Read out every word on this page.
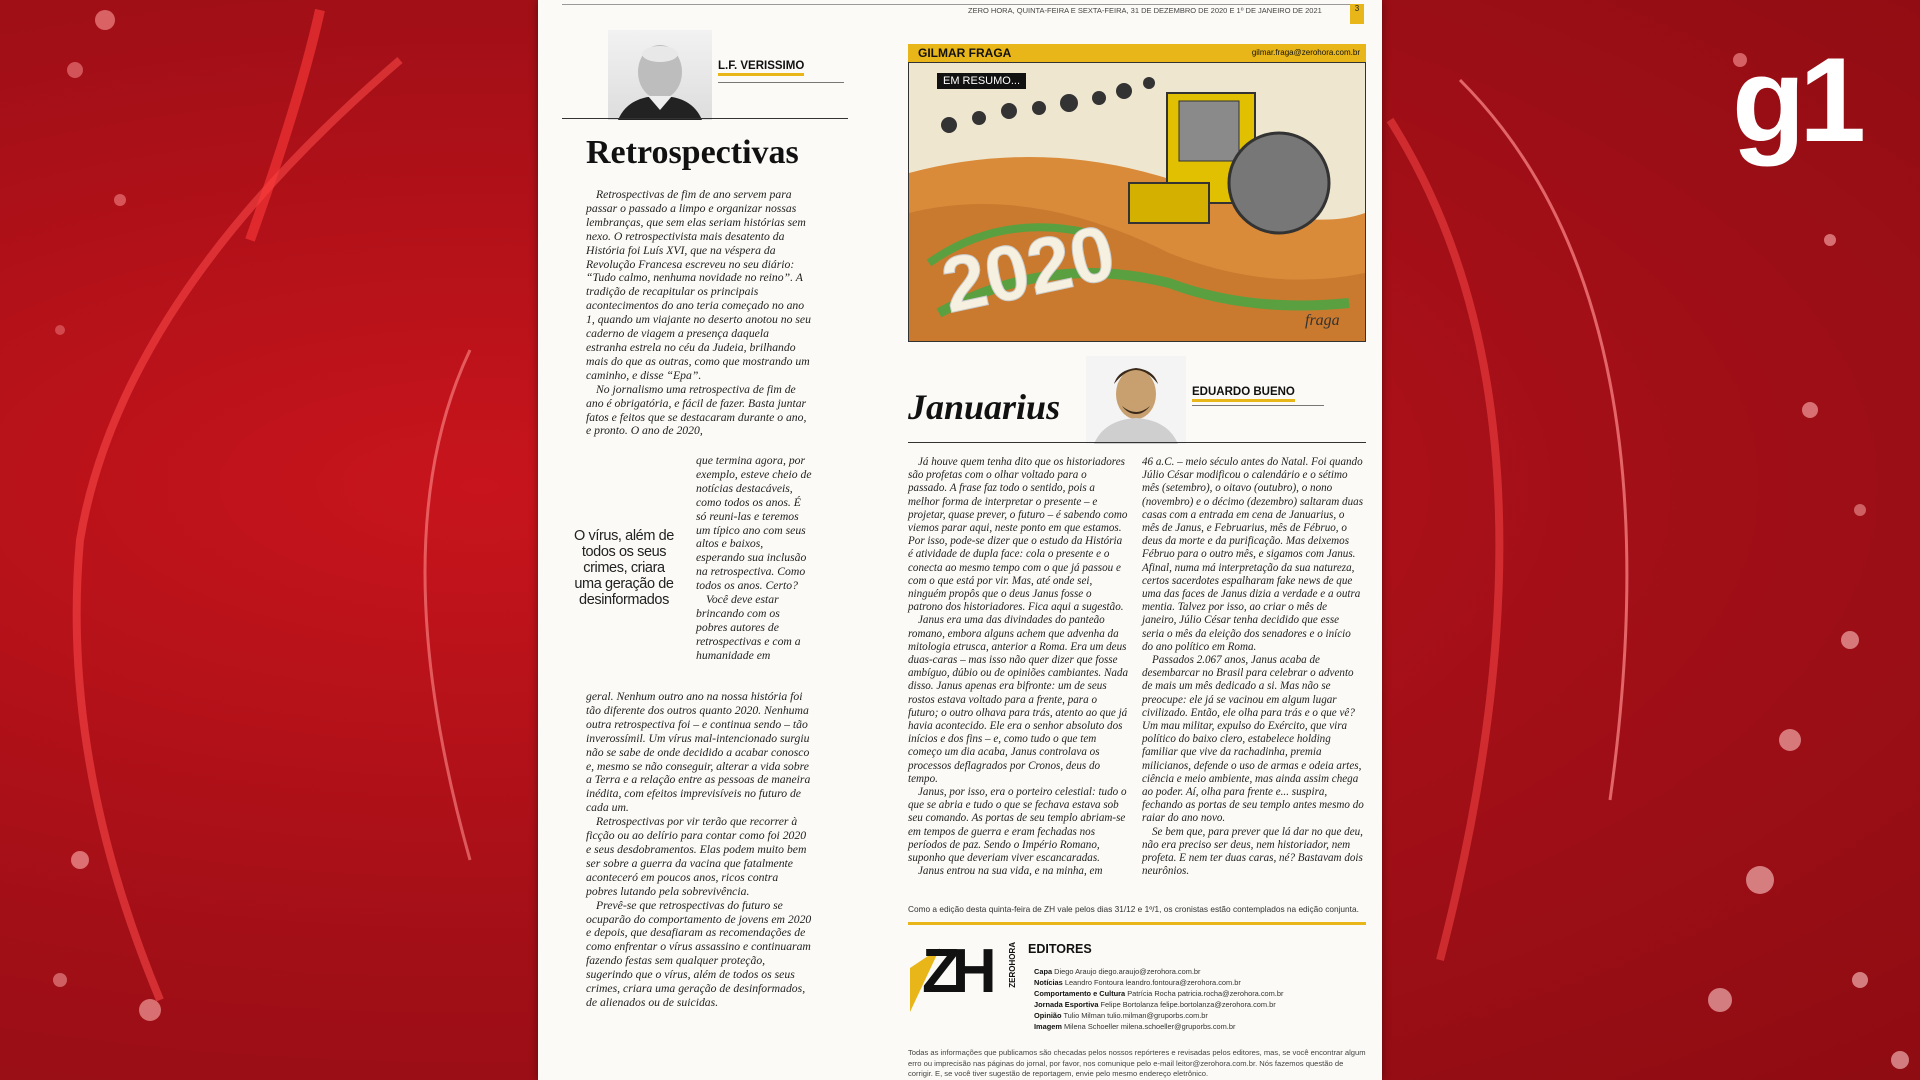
g1
ZERO HORA, QUINTA-FEIRA E SEXTA-FEIRA, 31 DE DEZEMBRO DE 2020 E 1º DE JANEIRO DE 2021	3
L.F. VERISSIMO
Retrospectivas

Retrospectivas de fim de ano servem para passar o passado a limpo e organizar nossas lembranças, que sem elas seriam histórias sem nexo. O retrospectivista mais desatento da História foi Luís XVI, que na véspera da Revolução Francesa escreveu no seu diário: “Tudo calmo, nenhuma novidade no reino”. A tradição de recapitular os principais acontecimentos do ano teria começado no ano 1, quando um viajante no deserto anotou no seu caderno de viagem a presença daquela estranha estrela no céu da Judeia, brilhando mais do que as outras, como que mostrando um caminho, e disse “Epa”.

No jornalismo uma retrospectiva de fim de ano é obrigatória, e fácil de fazer. Basta juntar fatos e feitos que se destacaram durante o ano, e pronto. O ano de 2020,

que termina agora, por exemplo, esteve cheio de notícias destacáveis, como todos os anos. É só reuni-las e teremos um típico ano com seus altos e baixos, esperando sua inclusão na retrospectiva. Como todos os anos. Certo?

Você deve estar brincando com os pobres autores de retrospectivas e com a humanidade em

O vírus, além de todos os seus crimes, criara uma geração de desinformados

geral. Nenhum outro ano na nossa história foi tão diferente dos outros quanto 2020. Nenhuma outra retrospectiva foi – e continua sendo – tão inverossímil. Um vírus mal-intencionado surgiu não se sabe de onde decidido a acabar conosco e, mesmo se não conseguir, alterar a vida sobre a Terra e a relação entre as pessoas de maneira inédita, com efeitos imprevisíveis no futuro de cada um.

Retrospectivas por vir terão que recorrer à ficção ou ao delírio para contar como foi 2020 e seus desdobramentos. Elas podem muito bem ser sobre a guerra da vacina que fatalmente aconteceró em poucos anos, ricos contra pobres lutando pela sobrevivência.

Prevê-se que retrospectivas do futuro se ocuparão do comportamento de jovens em 2020 e depois, que desafiaram as recomendações de como enfrentar o vírus assassino e continuaram fazendo festas sem qualquer proteção, sugerindo que o vírus, além de todos os seus crimes, criara uma geração de desinformados, de alienados ou de suicidas.

GILMAR FRAGA	gilmar.fraga@zerohora.com.br
2020	fraga
EM RESUMO...
Januarius	EDUARDO BUENO

Já houve quem tenha dito que os historiadores são profetas com o olhar voltado para o passado. A frase faz todo o sentido, pois a melhor forma de interpretar o presente – e projetar, quase prever, o futuro – é sabendo como viemos parar aqui, neste ponto em que estamos. Por isso, pode-se dizer que o estudo da História é atividade de dupla face: cola o presente e o conecta ao mesmo tempo com o que já passou e com o que está por vir. Mas, até onde sei, ninguém propôs que o deus Janus fosse o patrono dos historiadores. Fica aqui a sugestão.

Janus era uma das divindades do panteão romano, embora alguns achem que advenha da mitologia etrusca, anterior a Roma. Era um deus duas-caras – mas isso não quer dizer que fosse ambíguo, dúbio ou de opiniões cambiantes. Nada disso. Janus apenas era bifronte: um de seus rostos estava voltado para a frente, para o futuro; o outro olhava para trás, atento ao que já havia acontecido. Ele era o senhor absoluto dos inícios e dos fins – e, como tudo o que tem começo um dia acaba, Janus controlava os processos deflagrados por Cronos, deus do tempo.

Janus, por isso, era o porteiro celestial: tudo o que se abria e tudo o que se fechava estava sob seu comando. As portas de seu templo abriam-se em tempos de guerra e eram fechadas nos períodos de paz. Sendo o Império Romano, suponho que deveriam viver escancaradas.

Janus entrou na sua vida, e na minha, em

46 a.C. – meio século antes do Natal. Foi quando Júlio César modificou o calendário e o sétimo mês (setembro), o oitavo (outubro), o nono (novembro) e o décimo (dezembro) saltaram duas casas com a entrada em cena de Januarius, o mês de Janus, e Februarius, mês de Fébruo, o deus da morte e da purificação. Mas deixemos Fébruo para o outro mês, e sigamos com Janus. Afinal, numa má interpretação da sua natureza, certos sacerdotes espalharam fake news de que uma das faces de Janus dizia a verdade e a outra mentia. Talvez por isso, ao criar o mês de janeiro, Júlio César tenha decidido que esse seria o mês da eleição dos senadores e o início do ano político em Roma.

Passados 2.067 anos, Janus acaba de desembarcar no Brasil para celebrar o advento de mais um mês dedicado a si. Mas não se preocupe: ele já se vacinou em algum lugar civilizado. Então, ele olha para trás e o que vê? Um mau militar, expulso do Exército, que vira político do baixo clero, estabelece holding familiar que vive da rachadinha, premia milicianos, defende o uso de armas e odeia artes, ciência e meio ambiente, mas ainda assim chega ao poder. Aí, olha para frente e... suspira, fechando as portas de seu templo antes mesmo do raiar do ano novo.

Se bem que, para prever que lá dar no que deu, não era preciso ser deus, nem historiador, nem profeta. E nem ter duas caras, né? Bastavam dois neurônios.

Como a edição desta quinta-feira de ZH vale pelos dias 31/12 e 1º/1, os cronistas estão contemplados na edição conjunta.
ZH ZEROHORA EDITORES
Capa Diego Araujo diego.araujo@zerohora.com.br
Notícias Leandro Fontoura leandro.fontoura@zerohora.com.br
Comportamento e Cultura Patrícia Rocha patricia.rocha@zerohora.com.br
Jornada Esportiva Felipe Bortolanza felipe.bortolanza@zerohora.com.br
Opinião Tulio Milman tulio.milman@gruporbs.com.br
Imagem Milena Schoeller milena.schoeller@gruporbs.com.br
Todas as informações que publicamos são checadas pelos nossos repórteres e revisadas pelos editores, mas, se você encontrar algum erro ou imprecisão nas páginas do jornal, por favor, nos comunique pelo e-mail leitor@zerohora.com.br. Nós fazemos questão de corrigir. E, se você tiver sugestão de reportagem, envie pelo mesmo endereço eletrônico.
